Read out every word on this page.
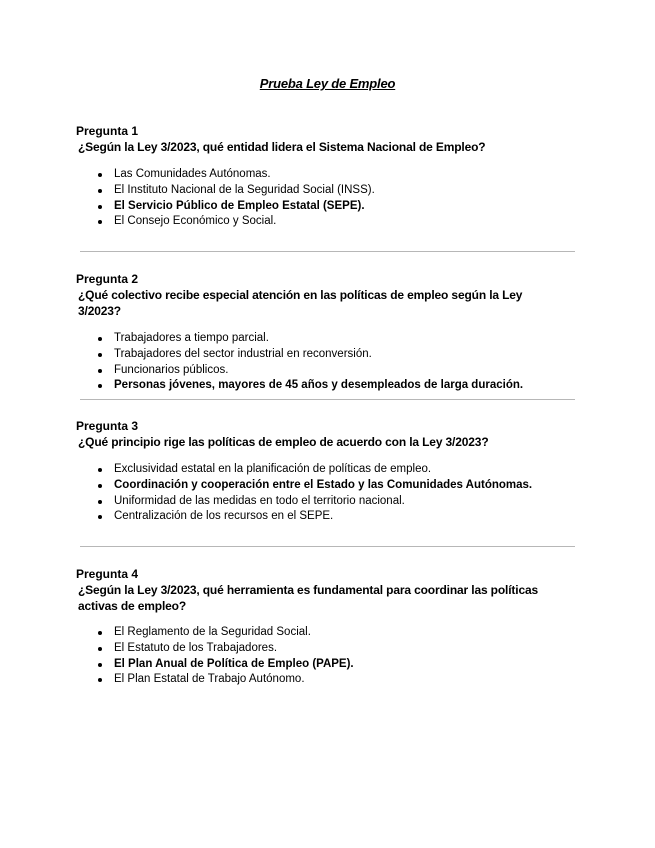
Prueba Ley de Empleo
Pregunta 1
¿Según la Ley 3/2023, qué entidad lidera el Sistema Nacional de Empleo?
Las Comunidades Autónomas.
El Instituto Nacional de la Seguridad Social (INSS).
El Servicio Público de Empleo Estatal (SEPE).
El Consejo Económico y Social.
Pregunta 2
¿Qué colectivo recibe especial atención en las políticas de empleo según la Ley 3/2023?
Trabajadores a tiempo parcial.
Trabajadores del sector industrial en reconversión.
Funcionarios públicos.
Personas jóvenes, mayores de 45 años y desempleados de larga duración.
Pregunta 3
¿Qué principio rige las políticas de empleo de acuerdo con la Ley 3/2023?
Exclusividad estatal en la planificación de políticas de empleo.
Coordinación y cooperación entre el Estado y las Comunidades Autónomas.
Uniformidad de las medidas en todo el territorio nacional.
Centralización de los recursos en el SEPE.
Pregunta 4
¿Según la Ley 3/2023, qué herramienta es fundamental para coordinar las políticas activas de empleo?
El Reglamento de la Seguridad Social.
El Estatuto de los Trabajadores.
El Plan Anual de Política de Empleo (PAPE).
El Plan Estatal de Trabajo Autónomo.
